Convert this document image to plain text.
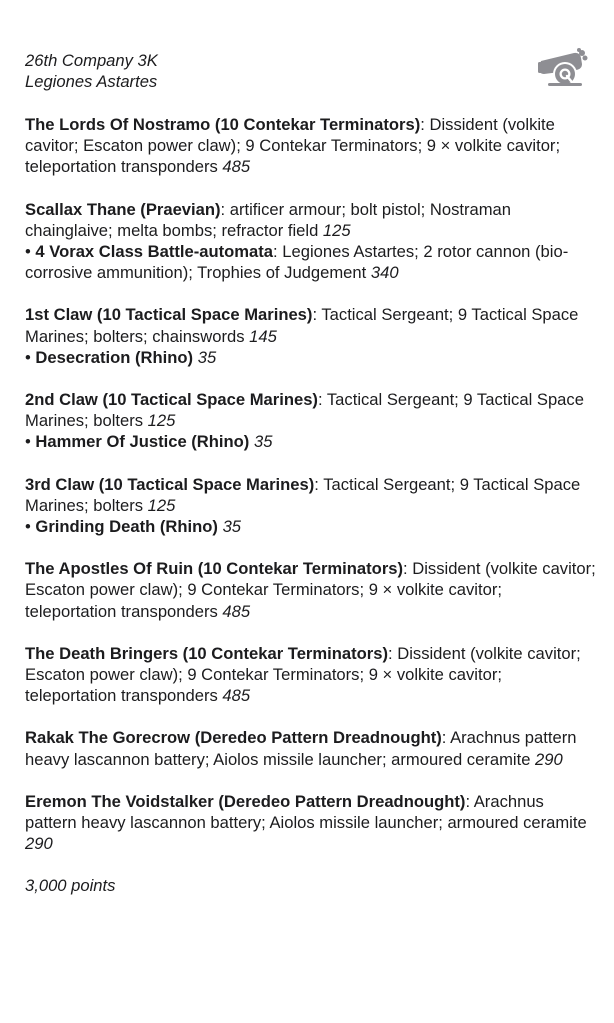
26th Company 3K
Legiones Astartes
The Lords Of Nostramo (10 Contekar Terminators): Dissident (volkite cavitor; Escaton power claw); 9 Contekar Terminators; 9 × volkite cavitor; teleportation transponders 485
Scallax Thane (Praevian): artificer armour; bolt pistol; Nostraman chainglaive; melta bombs; refractor field 125
• 4 Vorax Class Battle-automata: Legiones Astartes; 2 rotor cannon (bio-corrosive ammunition); Trophies of Judgement 340
1st Claw (10 Tactical Space Marines): Tactical Sergeant; 9 Tactical Space Marines; bolters; chainswords 145
• Desecration (Rhino) 35
2nd Claw (10 Tactical Space Marines): Tactical Sergeant; 9 Tactical Space Marines; bolters 125
• Hammer Of Justice (Rhino) 35
3rd Claw (10 Tactical Space Marines): Tactical Sergeant; 9 Tactical Space Marines; bolters 125
• Grinding Death (Rhino) 35
The Apostles Of Ruin (10 Contekar Terminators): Dissident (volkite cavitor; Escaton power claw); 9 Contekar Terminators; 9 × volkite cavitor; teleportation transponders 485
The Death Bringers (10 Contekar Terminators): Dissident (volkite cavitor; Escaton power claw); 9 Contekar Terminators; 9 × volkite cavitor; teleportation transponders 485
Rakak The Gorecrow (Deredeo Pattern Dreadnought): Arachnus pattern heavy lascannon battery; Aiolos missile launcher; armoured ceramite 290
Eremon The Voidstalker (Deredeo Pattern Dreadnought): Arachnus pattern heavy lascannon battery; Aiolos missile launcher; armoured ceramite 290
3,000 points
